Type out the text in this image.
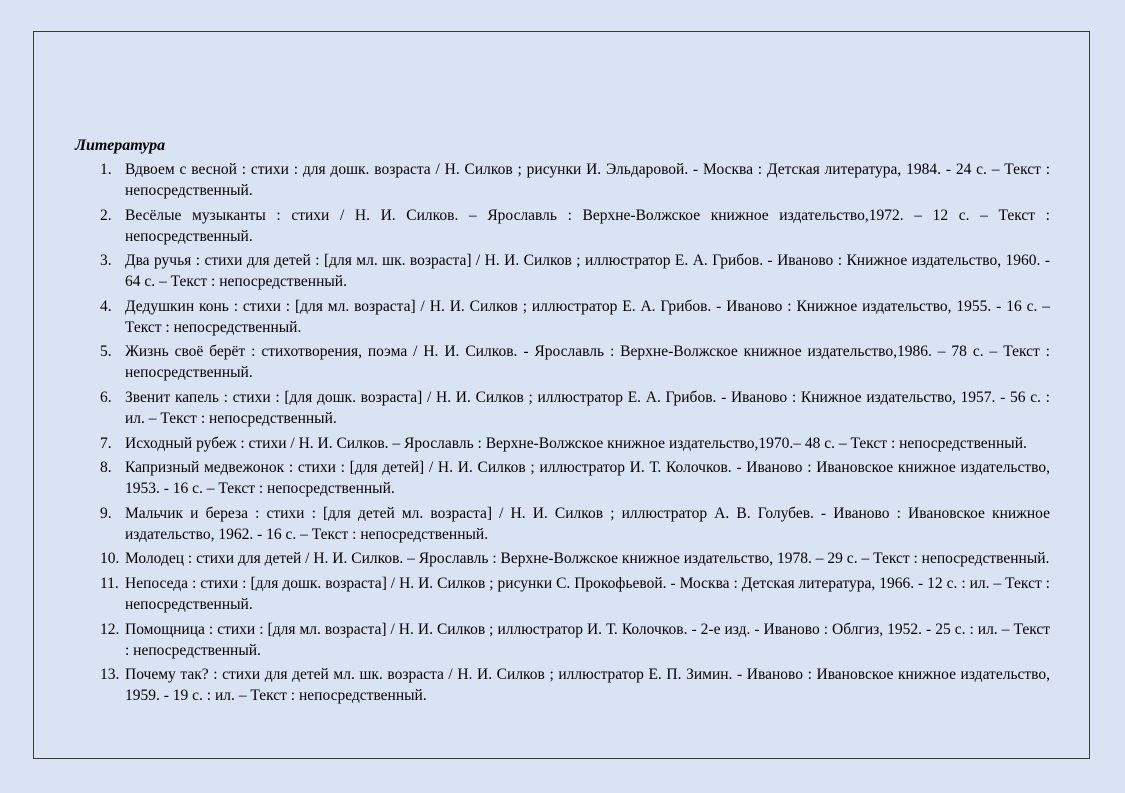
Литература
1. Вдвоем с весной : стихи : для дошк. возраста / Н. Силков ; рисунки И. Эльдаровой. - Москва : Детская литература, 1984. - 24 с. – Текст : непосредственный.
2. Весёлые музыканты : стихи / Н. И. Силков. – Ярославль : Верхне-Волжское книжное издательство,1972. – 12 с. – Текст : непосредственный.
3. Два ручья : стихи для детей : [для мл. шк. возраста] / Н. И. Силков ; иллюстратор Е. А. Грибов. - Иваново : Книжное издательство, 1960. - 64 с. – Текст : непосредственный.
4. Дедушкин конь : стихи : [для мл. возраста] / Н. И. Силков ; иллюстратор Е. А. Грибов. - Иваново : Книжное издательство, 1955. - 16 с. – Текст : непосредственный.
5. Жизнь своё берёт : стихотворения, поэма / Н. И. Силков. - Ярославль : Верхне-Волжское книжное издательство,1986. – 78 с. – Текст : непосредственный.
6. Звенит капель : стихи : [для дошк. возраста] / Н. И. Силков ; иллюстратор Е. А. Грибов. - Иваново : Книжное издательство, 1957. - 56 с. : ил. – Текст : непосредственный.
7. Исходный рубеж : стихи / Н. И. Силков. – Ярославль : Верхне-Волжское книжное издательство,1970.– 48 с. – Текст : непосредственный.
8. Капризный медвежонок : стихи : [для детей] / Н. И. Силков ; иллюстратор И. Т. Колочков. - Иваново : Ивановское книжное издательство, 1953. - 16 с. – Текст : непосредственный.
9. Мальчик и береза : стихи : [для детей мл. возраста] / Н. И. Силков ; иллюстратор А. В. Голубев. - Иваново : Ивановское книжное издательство, 1962. - 16 с. – Текст : непосредственный.
10. Молодец : стихи для детей / Н. И. Силков. – Ярославль : Верхне-Волжское книжное издательство, 1978. – 29 с. – Текст : непосредственный.
11. Непоседа : стихи : [для дошк. возраста] / Н. И. Силков ; рисунки С. Прокофьевой. - Москва : Детская литература, 1966. - 12 с. : ил. – Текст : непосредственный.
12. Помощница : стихи : [для мл. возраста] / Н. И. Силков ; иллюстратор И. Т. Колочков. - 2-е изд. - Иваново : Облгиз, 1952. - 25 с. : ил. – Текст : непосредственный.
13. Почему так? : стихи для детей мл. шк. возраста / Н. И. Силков ; иллюстратор Е. П. Зимин. - Иваново : Ивановское книжное издательство, 1959. - 19 с. : ил. – Текст : непосредственный.
